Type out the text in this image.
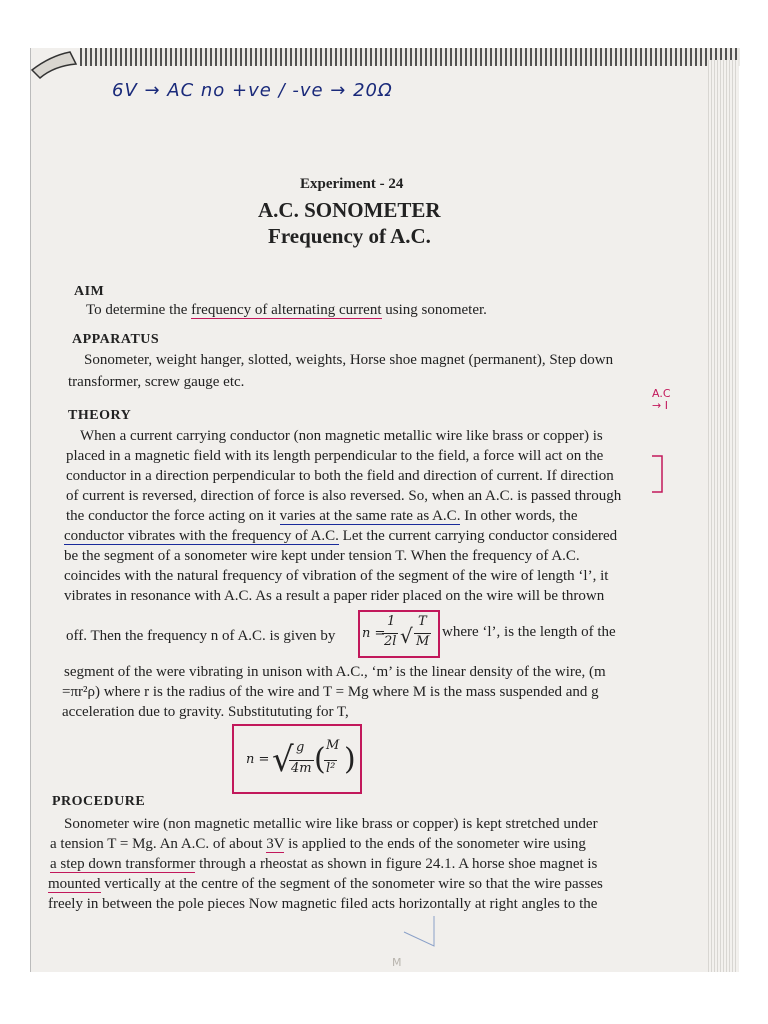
6V → AC no +ve / -ve → 20Ω
Experiment - 24
A.C. SONOMETER
Frequency of A.C.
AIM
To determine the frequency of alternating current using sonometer.
APPARATUS
Sonometer, weight hanger, slotted, weights, Horse shoe magnet (permanent), Step down
transformer, screw gauge etc.
THEORY
When a current carrying conductor (non magnetic metallic wire like brass or copper) is
placed in a magnetic field with its length perpendicular to the field, a force will act on the
conductor in a direction perpendicular to both the field and direction of current. If direction
of current is reversed, direction of force is also reversed. So, when an A.C. is passed through
the conductor the force acting on it varies at the same rate as A.C. In other words, the
conductor vibrates with the frequency of A.C. Let the current carrying conductor considered
be the segment of a sonometer wire kept under tension T. When the frequency of A.C.
coincides with the natural frequency of vibration of the segment of the wire of length ‘l’, it
vibrates in resonance with A.C. As a result a paper rider placed on the wire will be thrown
off. Then the frequency n of A.C. is given by n =
1
2l √
T
M
where ‘l’, is the length of the
segment of the were vibrating in unison with A.C., ‘m’ is the linear density of the wire, (m
=πr²ρ) where r is the radius of the wire and T = Mg where M is the mass suspended and g
acceleration due to gravity. Substitututing for T,
n = √ g
4m ( M
l² )
PROCEDURE
Sonometer wire (non magnetic metallic wire like brass or copper) is kept stretched under
a tension T = Mg. An A.C. of about 3V is applied to the ends of the sonometer wire using
a step down transformer through a rheostat as shown in figure 24.1. A horse shoe magnet is
mounted vertically at the centre of the segment of the sonometer wire so that the wire passes
freely in between the pole pieces Now magnetic filed acts horizontally at right angles to the
A.C → I
M
